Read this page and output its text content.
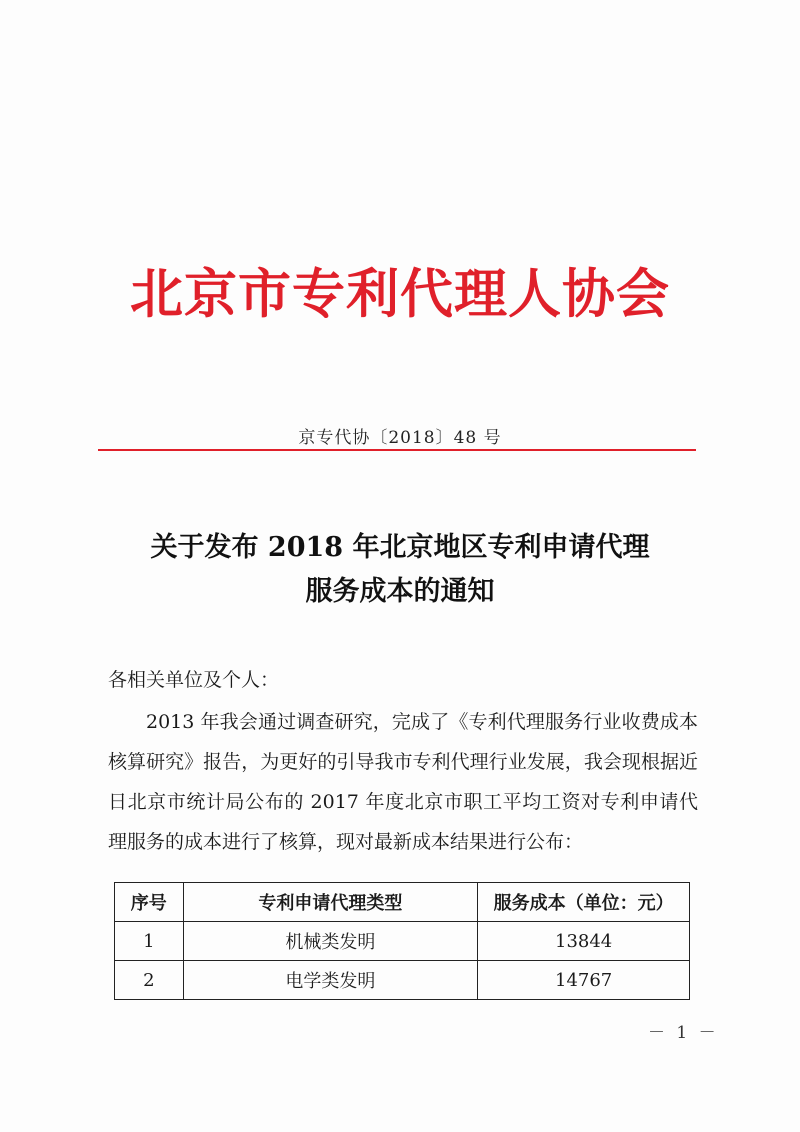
北京市专利代理人协会
京专代协〔2018〕48 号
关于发布 2018 年北京地区专利申请代理
服务成本的通知
各相关单位及个人：
2013 年我会通过调查研究，完成了《专利代理服务行业收费成本核算研究》报告，为更好的引导我市专利代理行业发展，我会现根据近日北京市统计局公布的 2017 年度北京市职工平均工资对专利申请代理服务的成本进行了核算，现对最新成本结果进行公布：
序号	专利申请代理类型	服务成本（单位：元）
1	机械类发明	13844
2	电学类发明	14767
－ 1 －
